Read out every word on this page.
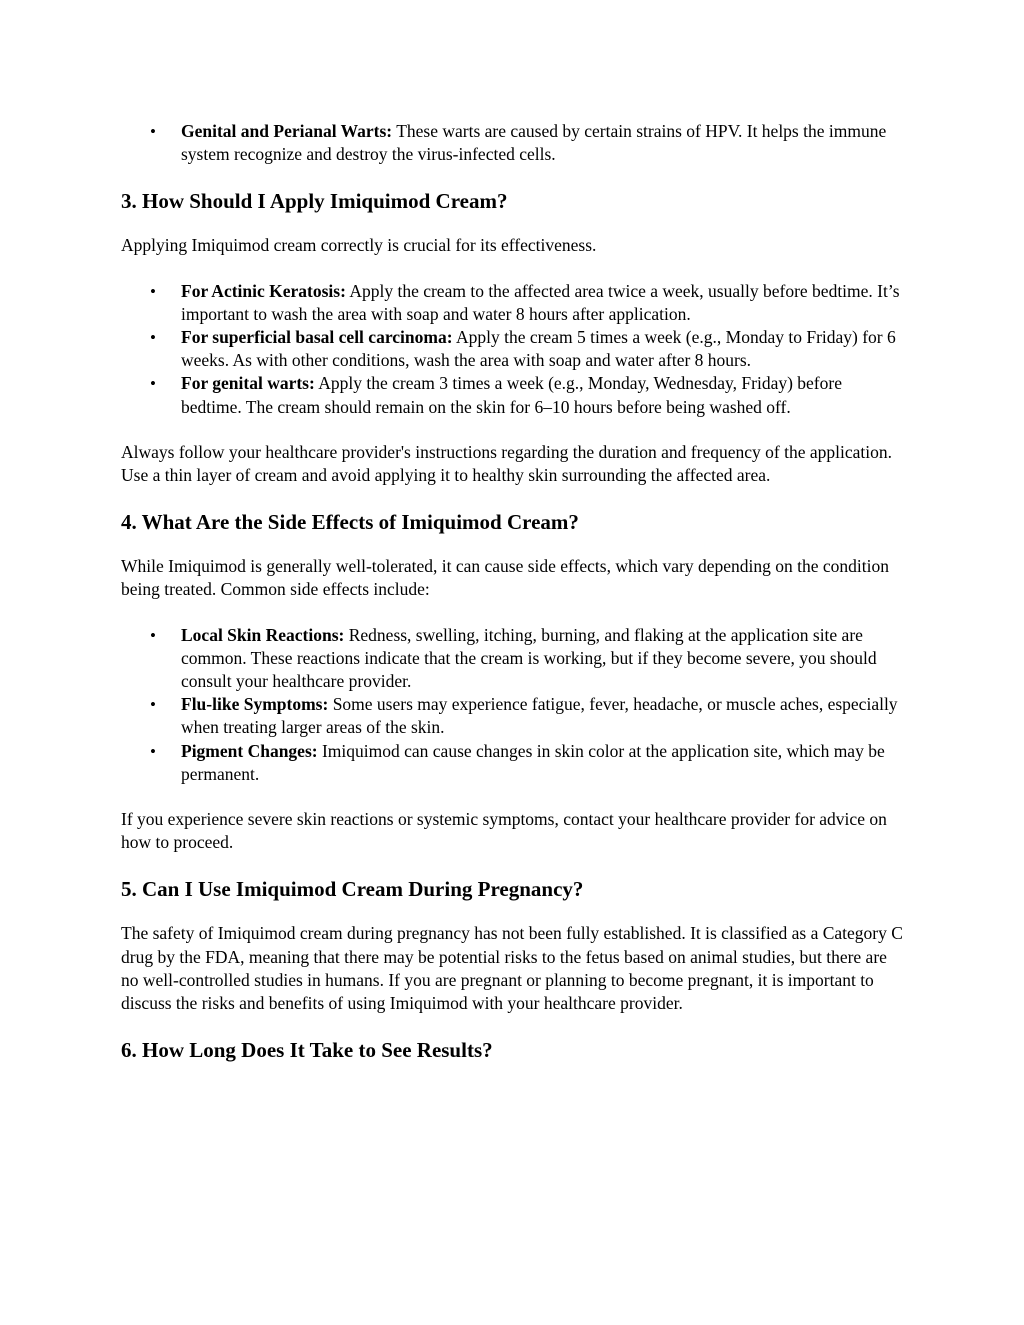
• Genital and Perianal Warts: These warts are caused by certain strains of HPV. It helps the immune system recognize and destroy the virus-infected cells.
3. How Should I Apply Imiquimod Cream?

Applying Imiquimod cream correctly is crucial for its effectiveness.

• For Actinic Keratosis: Apply the cream to the affected area twice a week, usually before bedtime. It’s important to wash the area with soap and water 8 hours after application.
• For superficial basal cell carcinoma: Apply the cream 5 times a week (e.g., Monday to Friday) for 6 weeks. As with other conditions, wash the area with soap and water after 8 hours.
• For genital warts: Apply the cream 3 times a week (e.g., Monday, Wednesday, Friday) before bedtime. The cream should remain on the skin for 6–10 hours before being washed off.

Always follow your healthcare provider's instructions regarding the duration and frequency of the application. Use a thin layer of cream and avoid applying it to healthy skin surrounding the affected area.

4. What Are the Side Effects of Imiquimod Cream?

While Imiquimod is generally well-tolerated, it can cause side effects, which vary depending on the condition being treated. Common side effects include:

• Local Skin Reactions: Redness, swelling, itching, burning, and flaking at the application site are common. These reactions indicate that the cream is working, but if they become severe, you should consult your healthcare provider.
• Flu-like Symptoms: Some users may experience fatigue, fever, headache, or muscle aches, especially when treating larger areas of the skin.
• Pigment Changes: Imiquimod can cause changes in skin color at the application site, which may be permanent.

If you experience severe skin reactions or systemic symptoms, contact your healthcare provider for advice on how to proceed.

5. Can I Use Imiquimod Cream During Pregnancy?

The safety of Imiquimod cream during pregnancy has not been fully established. It is classified as a Category C drug by the FDA, meaning that there may be potential risks to the fetus based on animal studies, but there are no well-controlled studies in humans. If you are pregnant or planning to become pregnant, it is important to discuss the risks and benefits of using Imiquimod with your healthcare provider.

6. How Long Does It Take to See Results?
